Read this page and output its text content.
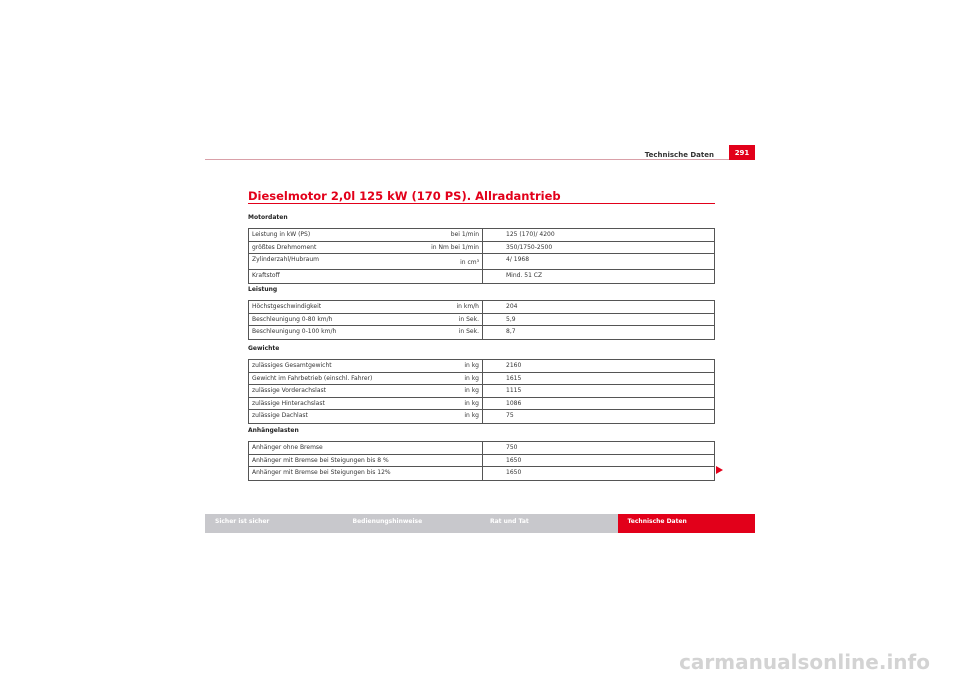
Technische Daten	291
Dieselmotor 2,0l 125 kW (170 PS). Allradantrieb
Motordaten
Leistung in kW (PS)	bei 1/min	125 (170)/ 4200
größtes Drehmoment	in Nm bei 1/min	350/1750-2500
Zylinderzahl/Hubraum	in cm³	4/ 1968
Kraftstoff	Mind. 51 CZ
Leistung
Höchstgeschwindigkeit	in km/h	204
Beschleunigung 0-80 km/h	in Sek.	5,9
Beschleunigung 0-100 km/h	in Sek.	8,7
Gewichte
zulässiges Gesamtgewicht	in kg	2160
Gewicht im Fahrbetrieb (einschl. Fahrer)	in kg	1615
zulässige Vorderachslast	in kg	1115
zulässige Hinterachslast	in kg	1086
zulässige Dachlast	in kg	75
Anhängelasten
Anhänger ohne Bremse	750
Anhänger mit Bremse bei Steigungen bis 8 %	1650
Anhänger mit Bremse bei Steigungen bis 12%	1650
Sicher ist sicher	Bedienungshinweise	Rat und Tat	Technische Daten
carmanualsonline.info
